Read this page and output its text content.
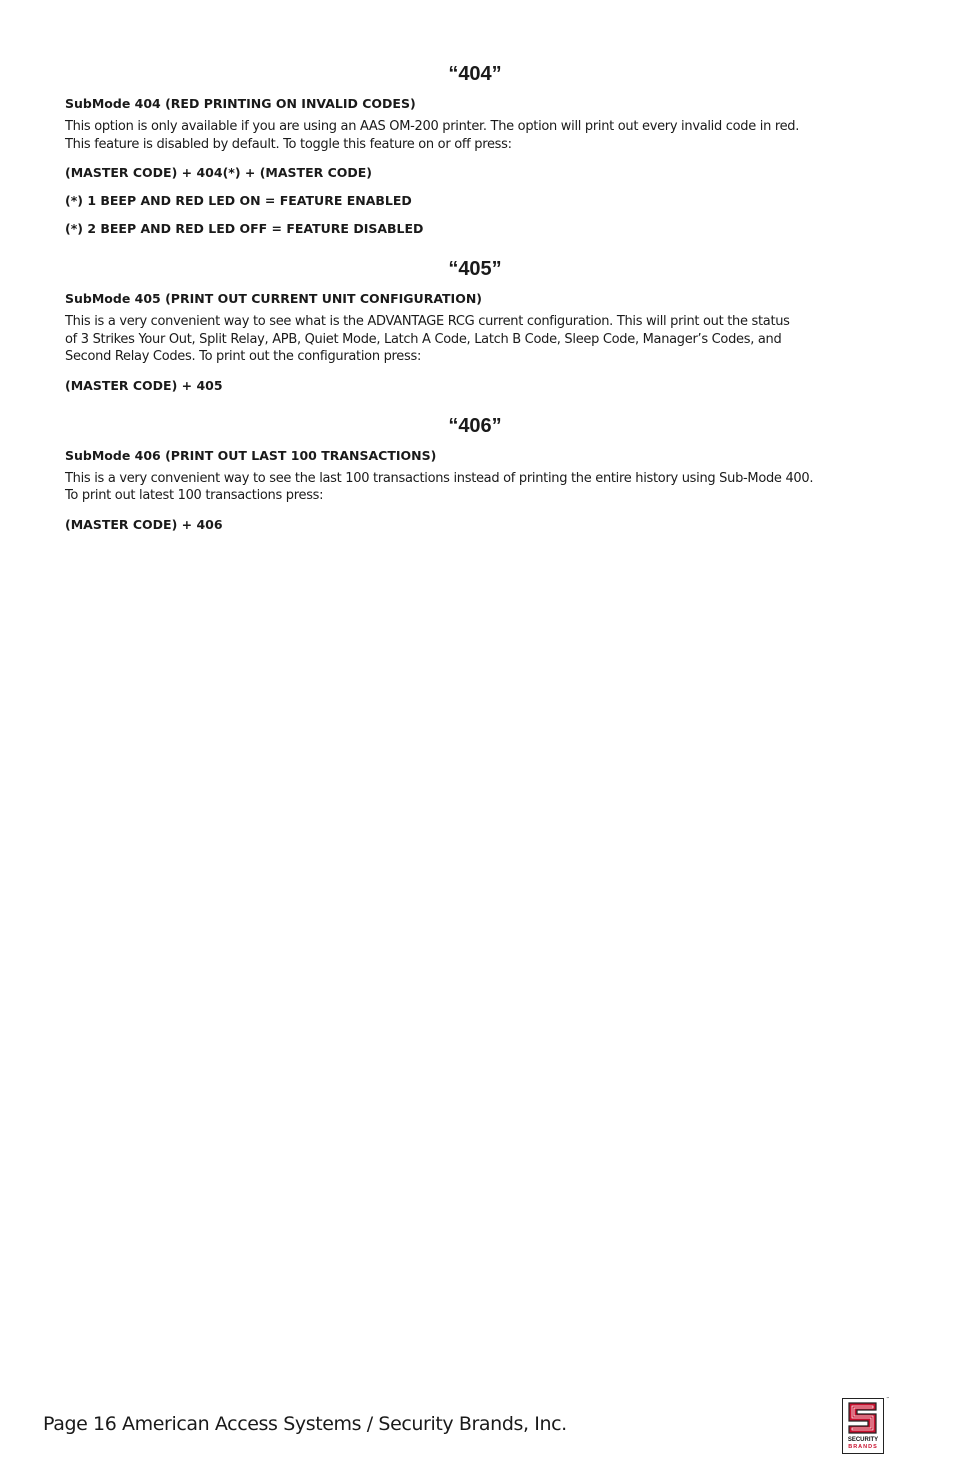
“404”
SubMode 404 (RED PRINTING ON INVALID CODES)
This option is only available if you are using an AAS OM-200 printer. The option will print out every invalid code in red.
This feature is disabled by default. To toggle this feature on or off press:
(MASTER CODE) + 404(*) + (MASTER CODE)
(*) 1 BEEP AND RED LED ON = FEATURE ENABLED
(*) 2 BEEP AND RED LED OFF = FEATURE DISABLED
“405”
SubMode 405 (PRINT OUT CURRENT UNIT CONFIGURATION)
This is a very convenient way to see what is the ADVANTAGE RCG current configuration. This will print out the status
of 3 Strikes Your Out, Split Relay, APB, Quiet Mode, Latch A Code, Latch B Code, Sleep Code, Manager’s Codes, and
Second Relay Codes. To print out the configuration press:
(MASTER CODE) + 405
“406”
SubMode 406 (PRINT OUT LAST 100 TRANSACTIONS)
This is a very convenient way to see the last 100 transactions instead of printing the entire history using Sub-Mode 400.
To print out latest 100 transactions press:
(MASTER CODE) + 406
Page 16 American Access Systems / Security Brands, Inc.
SECURITY
BRANDS
™
